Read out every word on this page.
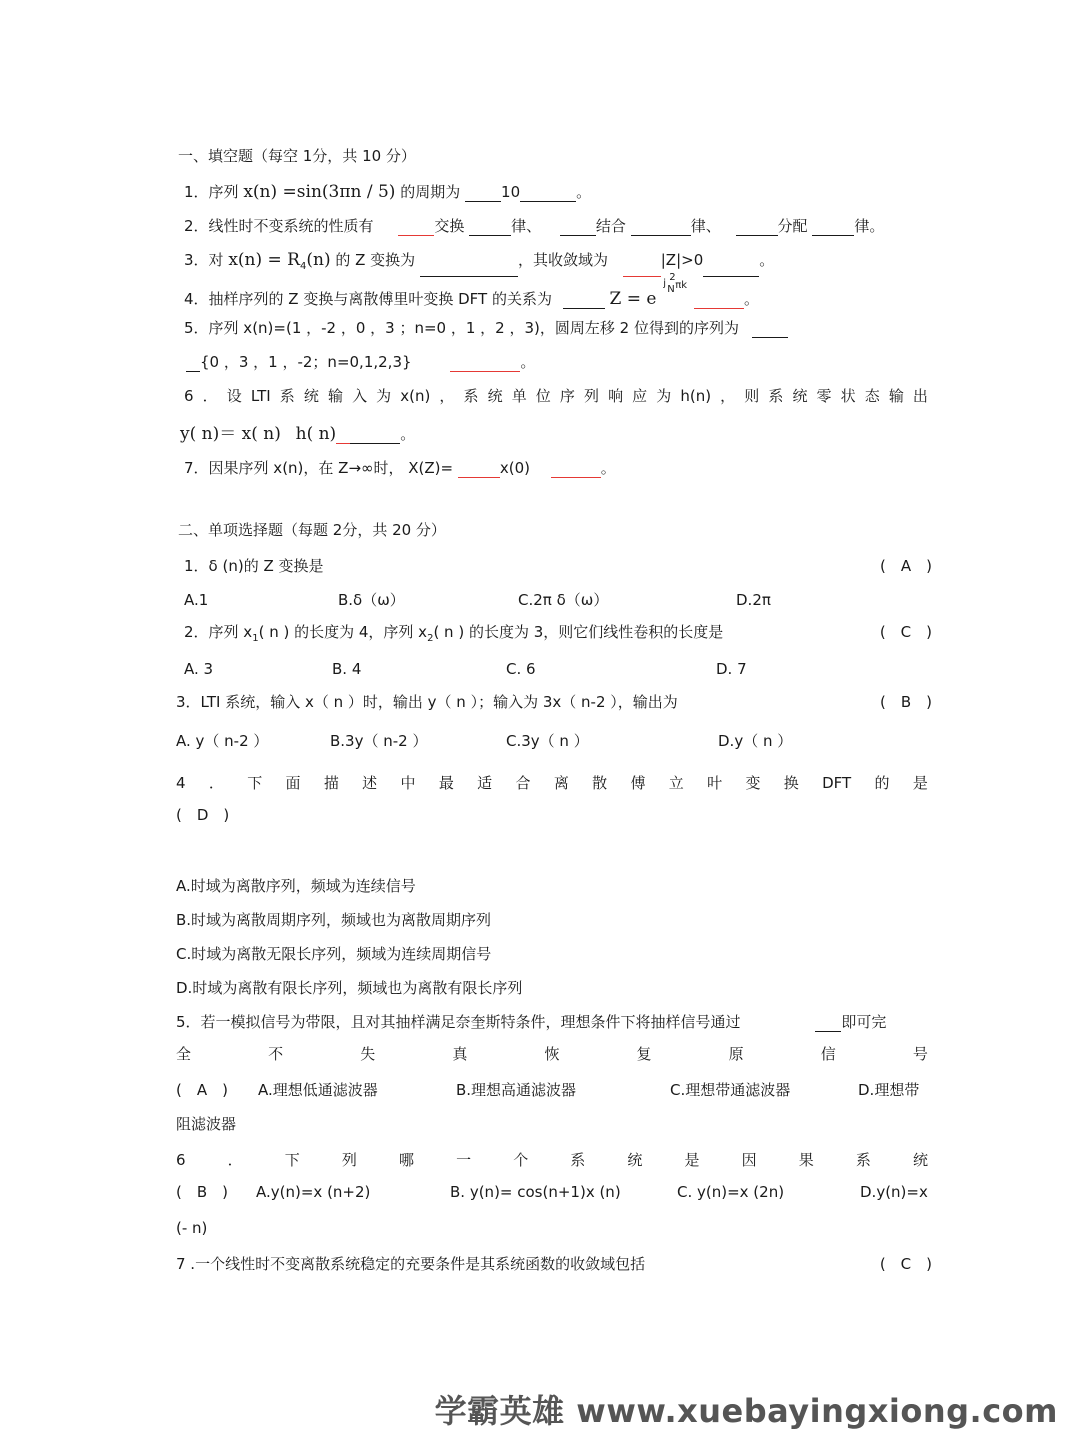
一、填空题（每空 1分，共 10 分）
1．序列 x(n) =sin(3πn / 5) 的周期为	10	。
2．线性时不变系统的性质有	交换	律、	结合	律、	分配	律。
3．对 $x(n) = R_4(n)$ 的 Z 变换为	，其收敛域为	|Z|>0	。
4．抽样序列的 Z 变换与离散傅里叶变换 DFT 的关系为	Z = e
j
2
N πk
。
5．序列 x(n)=(1 ，-2 ，0 ，3 ；n=0 ，1 ，2 ，3)，圆周左移 2 位得到的序列为
{0 ，3 ，1 ，-2；n=0,1,2,3}	。
6 ． 设 LTI 系 统 输 入 为 x(n) ， 系 统 单 位 序 列 响 应 为 h(n) ， 则 系 统 零 状 态 输 出
y( n)＝ x( n) h( n)	。
7．因果序列 x(n)，在 Z→∞时， X(Z)=	x(0)	。
二、单项选择题（每题 2分，共 20 分）
1．δ (n)的 Z 变换是	(　A　)
A.1	B.δ（ω）	C.2π δ（ω）	D.2π
2．序列 $x_1$( n ) 的长度为 4，序列 $x_2$( n ) 的长度为 3，则它们线性卷积的长度是	(　C　)
A. 3	B. 4	C. 6	D. 7
3．LTI 系统，输入 x（ n ）时，输出 y（ n ）；输入为 3x（ n-2 ），输出为	(　B　)
A. y（ n-2 ）	B.3y（ n-2 ）	C.3y（ n ）	D.y（ n ）
4 ． 下 面 描 述 中 最 适 合 离 散 傅 立 叶 变 换 DFT 的 是
(　D　)
A.时域为离散序列，频域为连续信号
B.时域为离散周期序列，频域也为离散周期序列
C.时域为离散无限长序列，频域为连续周期信号
D.时域为离散有限长序列，频域也为离散有限长序列
5．若一模拟信号为带限，且对其抽样满足奈奎斯特条件，理想条件下将抽样信号通过	即可完
全	不	失	真	恢	复	原	信	号
(　A　) A.理想低通滤波器	B.理想高通滤波器	C.理想带通滤波器	D.理想带
阻滤波器
6	．	下	列	哪	一	个	系	统	是	因	果	系	统
(　B　) A.y(n)=x (n+2)	B. y(n)= cos(n+1)x (n)	C. y(n)=x (2n)	D.y(n)=x
(- n)
7 .一个线性时不变离散系统稳定的充要条件是其系统函数的收敛域包括	(　C　)
学霸英雄 www.xuebayingxiong.com
